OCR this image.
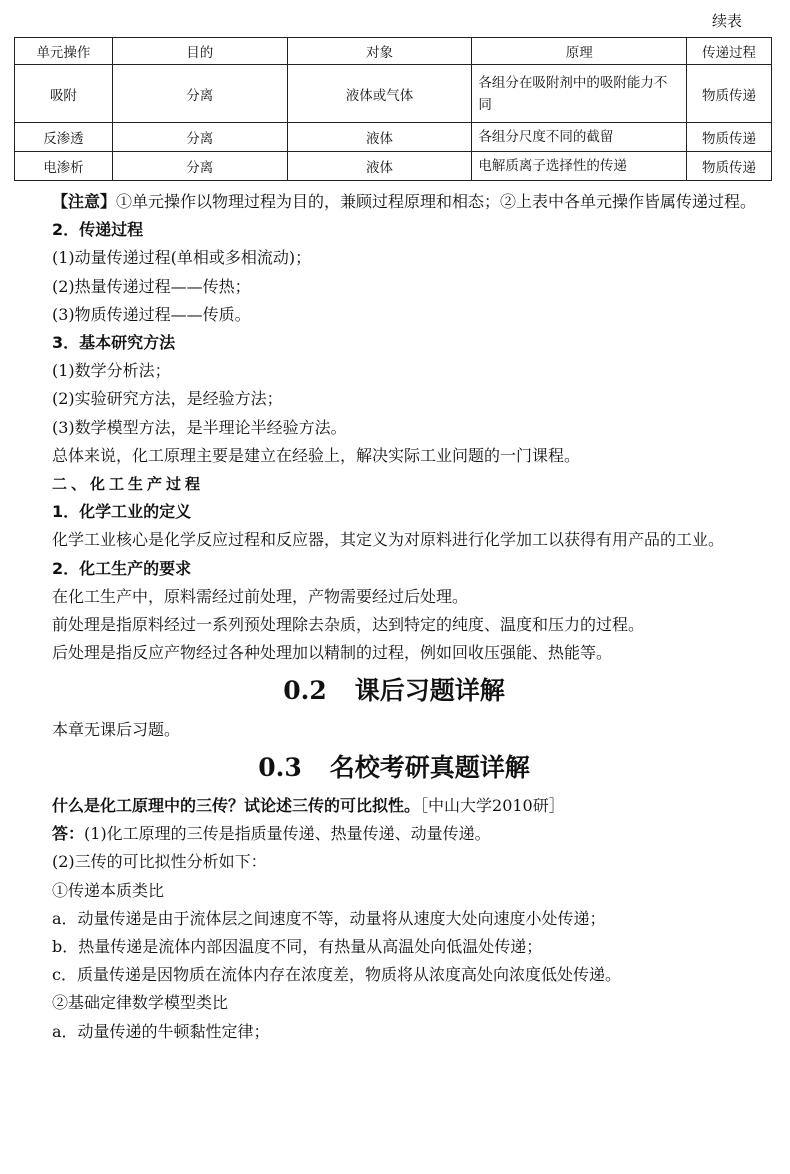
续表
单元操作	目的	对象	原理	传递过程
吸附	分离	液体或气体	各组分在吸附剂中的吸附能力不同	物质传递
反渗透	分离	液体	各组分尺度不同的截留	物质传递
电渗析	分离	液体	电解质离子选择性的传递	物质传递

【注意】①单元操作以物理过程为目的，兼顾过程原理和相态；②上表中各单元操作皆属传递过程。

2．传递过程

(1)动量传递过程(单相或多相流动)；

(2)热量传递过程——传热；

(3)物质传递过程——传质。

3．基本研究方法

(1)数学分析法；

(2)实验研究方法，是经验方法；

(3)数学模型方法，是半理论半经验方法。

总体来说，化工原理主要是建立在经验上，解决实际工业问题的一门课程。

二、化工生产过程

1．化学工业的定义

化学工业核心是化学反应过程和反应器，其定义为对原料进行化学加工以获得有用产品的工业。

2．化工生产的要求

在化工生产中，原料需经过前处理，产物需要经过后处理。

前处理是指原料经过一系列预处理除去杂质，达到特定的纯度、温度和压力的过程。

后处理是指反应产物经过各种处理加以精制的过程，例如回收压强能、热能等。

0.2 课后习题详解

本章无课后习题。

0.3 名校考研真题详解

什么是化工原理中的三传？试论述三传的可比拟性。［中山大学2010研］

答：(1)化工原理的三传是指质量传递、热量传递、动量传递。

(2)三传的可比拟性分析如下：

①传递本质类比

a．动量传递是由于流体层之间速度不等，动量将从速度大处向速度小处传递；

b．热量传递是流体内部因温度不同，有热量从高温处向低温处传递；

c．质量传递是因物质在流体内存在浓度差，物质将从浓度高处向浓度低处传递。

②基础定律数学模型类比

a．动量传递的牛顿黏性定律；
